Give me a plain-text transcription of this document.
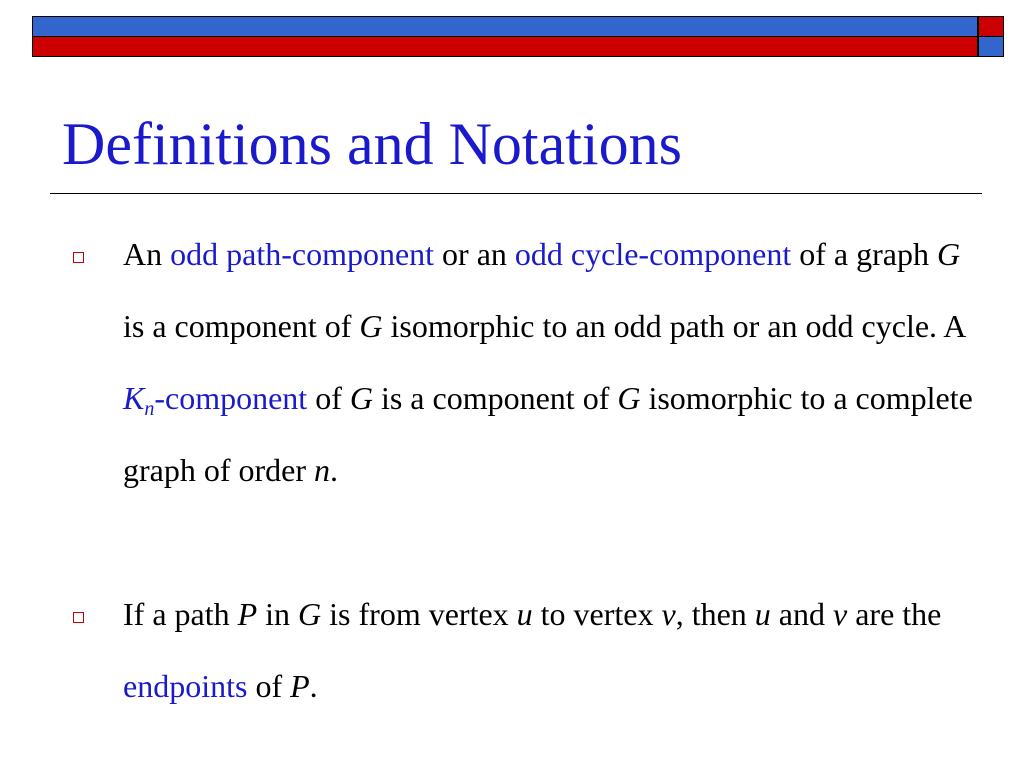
Definitions and Notations

An odd path-component or an odd cycle-component of a graph G is a component of G isomorphic to an odd path or an odd cycle. A $K_n$-component of G is a component of G isomorphic to a complete graph of order n.

If a path P in G is from vertex u to vertex v, then u and v are the endpoints of P.
